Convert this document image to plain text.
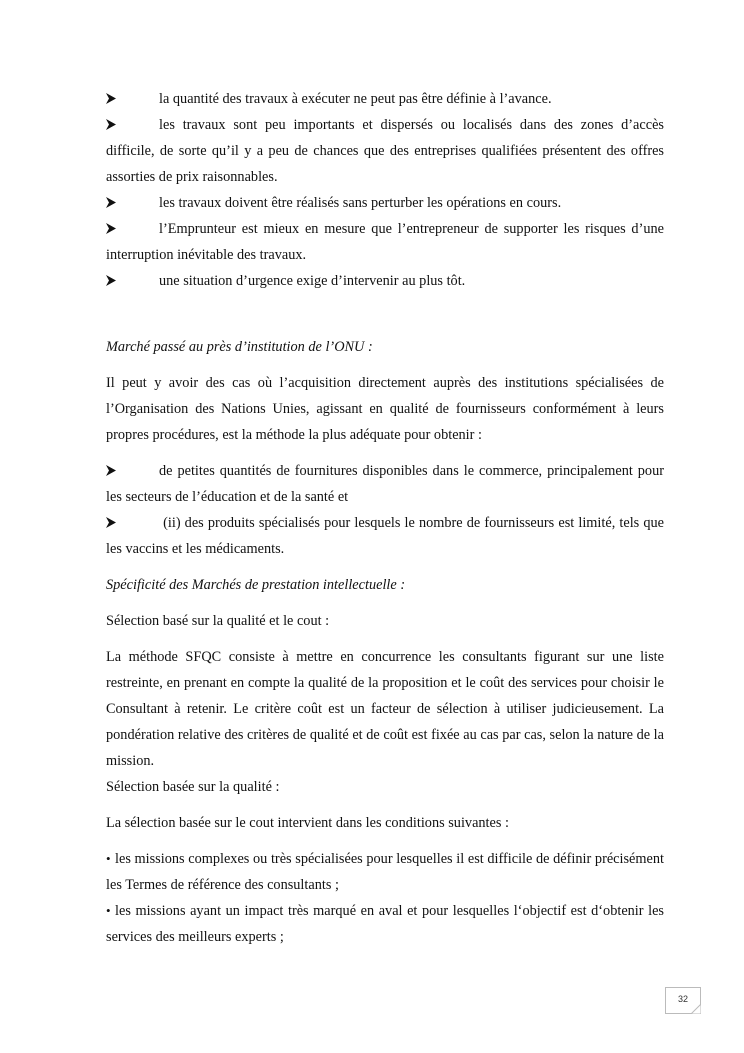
la quantité des travaux à exécuter ne peut pas être définie à l’avance.

les travaux sont peu importants et dispersés ou localisés dans des zones d’accès difficile, de sorte qu’il y a peu de chances que des entreprises qualifiées présentent des offres assorties de prix raisonnables.

les travaux doivent être réalisés sans perturber les opérations en cours.

l’Emprunteur est mieux en mesure que l’entrepreneur de supporter les risques d’une interruption inévitable des travaux.

une situation d’urgence exige d’intervenir au plus tôt.

Marché passé au près d’institution de l’ONU :

Il peut y avoir des cas où l’acquisition directement auprès des institutions spécialisées de l’Organisation des Nations Unies, agissant en qualité de fournisseurs conformément à leurs propres procédures, est la méthode la plus adéquate pour obtenir :

de petites quantités de fournitures disponibles dans le commerce, principalement pour les secteurs de l’éducation et de la santé et

(ii) des produits spécialisés pour lesquels le nombre de fournisseurs est limité, tels que les vaccins et les médicaments.

Spécificité des Marchés de prestation intellectuelle :

Sélection basé sur la qualité et le cout :

La méthode SFQC consiste à mettre en concurrence les consultants figurant sur une liste restreinte, en prenant en compte la qualité de la proposition et le coût des services pour choisir le Consultant à retenir. Le critère coût est un facteur de sélection à utiliser judicieusement. La pondération relative des critères de qualité et de coût est fixée au cas par cas, selon la nature de la mission.

Sélection basée sur la qualité :

La sélection basée sur le cout intervient dans les conditions suivantes :

• les missions complexes ou très spécialisées pour lesquelles il est difficile de définir précisément les Termes de référence des consultants ;

• les missions ayant un impact très marqué en aval et pour lesquelles l‘objectif est d‘obtenir les services des meilleurs experts ;

32
